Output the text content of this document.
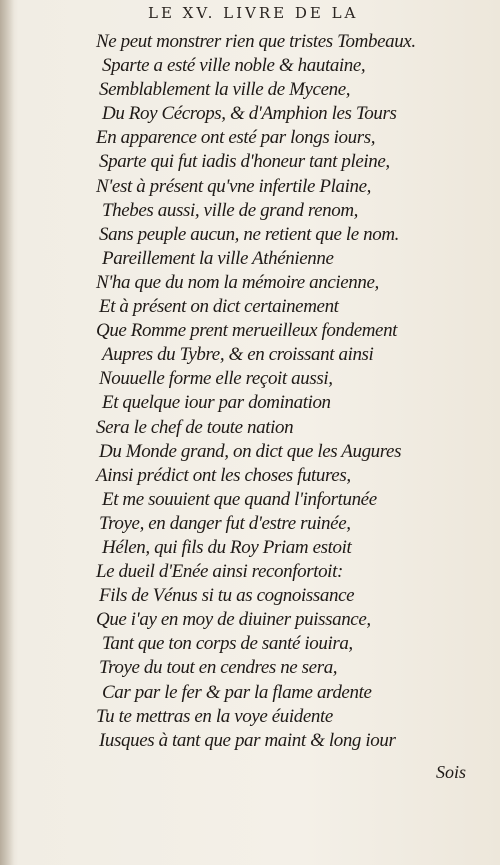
LE XV. LIVRE DE LA
Ne peut monstrer rien que tristes Tombeaux.
Sparte a esté ville noble & hautaine,
Semblablement la ville de Mycene,
Du Roy Cécrops, & d'Amphion les Tours
En apparence ont esté par longs iours,
Sparte qui fut iadis d'honeur tant pleine,
N'est à présent qu'vne infertile Plaine,
Thebes aussi, ville de grand renom,
Sans peuple aucun, ne retient que le nom.
Pareillement la ville Athénienne
N'ha que du nom la mémoire ancienne,
Et à présent on dict certainement
Que Romme prent merueilleux fondement
Aupres du Tybre, & en croissant ainsi
Nouuelle forme elle reçoit aussi,
Et quelque iour par domination
Sera le chef de toute nation
Du Monde grand, on dict que les Augures
Ainsi prédict ont les choses futures,
Et me souuient que quand l'infortunée
Troye, en danger fut d'estre ruinée,
Hélen, qui fils du Roy Priam estoit
Le dueil d'Enée ainsi reconfortoit:
Fils de Vénus si tu as cognoissance
Que i'ay en moy de diuiner puissance,
Tant que ton corps de santé iouira,
Troye du tout en cendres ne sera,
Car par le fer & par la flame ardente
Tu te mettras en la voye éuidente
Iusques à tant que par maint & long iour
Sois
